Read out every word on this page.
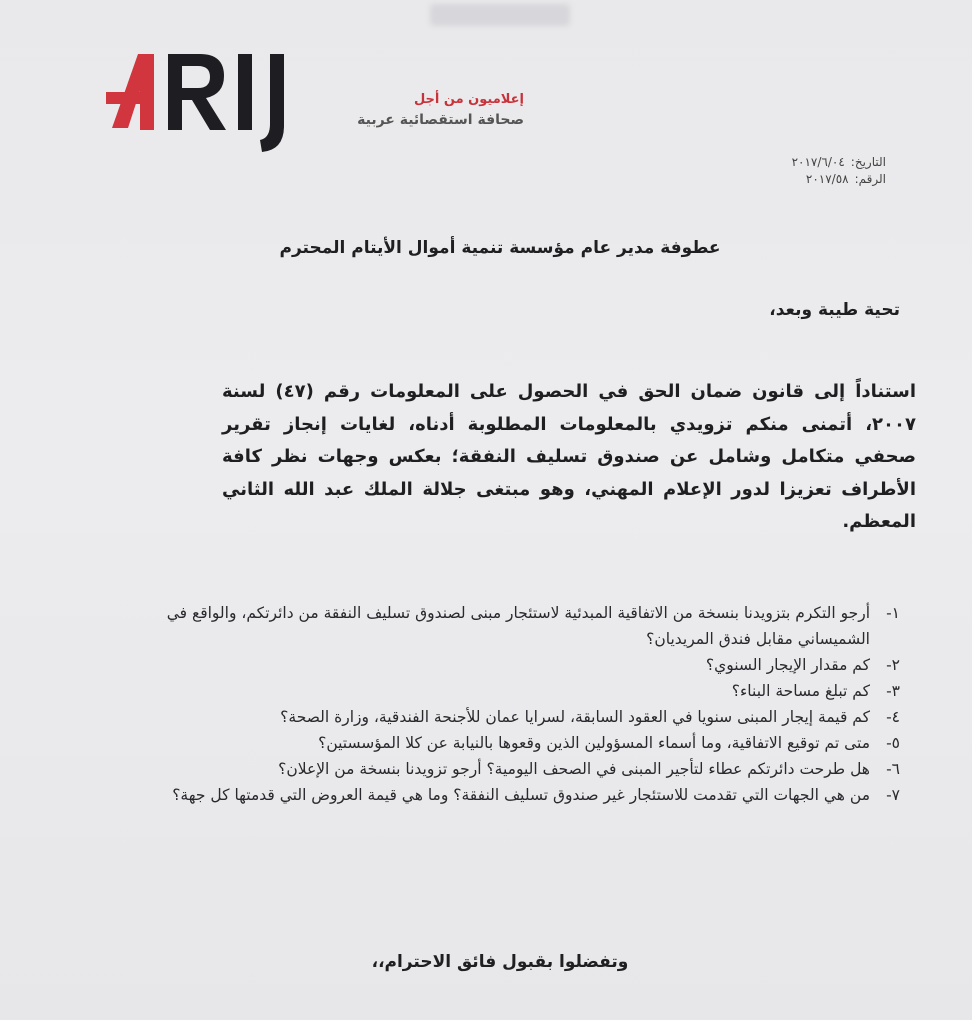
إعلاميون من أجل
صحافة استقصائية عربية
التاريخ:٢٠١٧/٦/٠٤
الرقم:٢٠١٧/٥٨
عطوفة مدير عام مؤسسة تنمية أموال الأيتام المحترم
تحية طيبة وبعد،
استناداً إلى قانون ضمان الحق في الحصول على المعلومات رقم (٤٧) لسنة ٢٠٠٧، أتمنى منكم تزويدي بالمعلومات المطلوبة أدناه، لغايات إنجاز تقرير صحفي متكامل وشامل عن صندوق تسليف النفقة؛ بعكس وجهات نظر كافة الأطراف تعزيزا لدور الإعلام المهني، وهو مبتغى جلالة الملك عبد الله الثاني المعظم.
١-
أرجو التكرم بتزويدنا بنسخة من الاتفاقية المبدئية لاستئجار مبنى لصندوق تسليف النفقة من دائرتكم، والواقع في الشميساني مقابل فندق المريديان؟
٢-
كم مقدار الإيجار السنوي؟
٣-
كم تبلغ مساحة البناء؟
٤-
كم قيمة إيجار المبنى سنويا في العقود السابقة، لسرايا عمان للأجنحة الفندقية، وزارة الصحة؟
٥-
متى تم توقيع الاتفاقية، وما أسماء المسؤولين الذين وقعوها بالنيابة عن كلا المؤسستين؟
٦-
هل طرحت دائرتكم عطاء لتأجير المبنى في الصحف اليومية؟ أرجو تزويدنا بنسخة من الإعلان؟
٧-
من هي الجهات التي تقدمت للاستئجار غير صندوق تسليف النفقة؟ وما هي قيمة العروض التي قدمتها كل جهة؟
وتفضلوا بقبول فائق الاحترام،،
